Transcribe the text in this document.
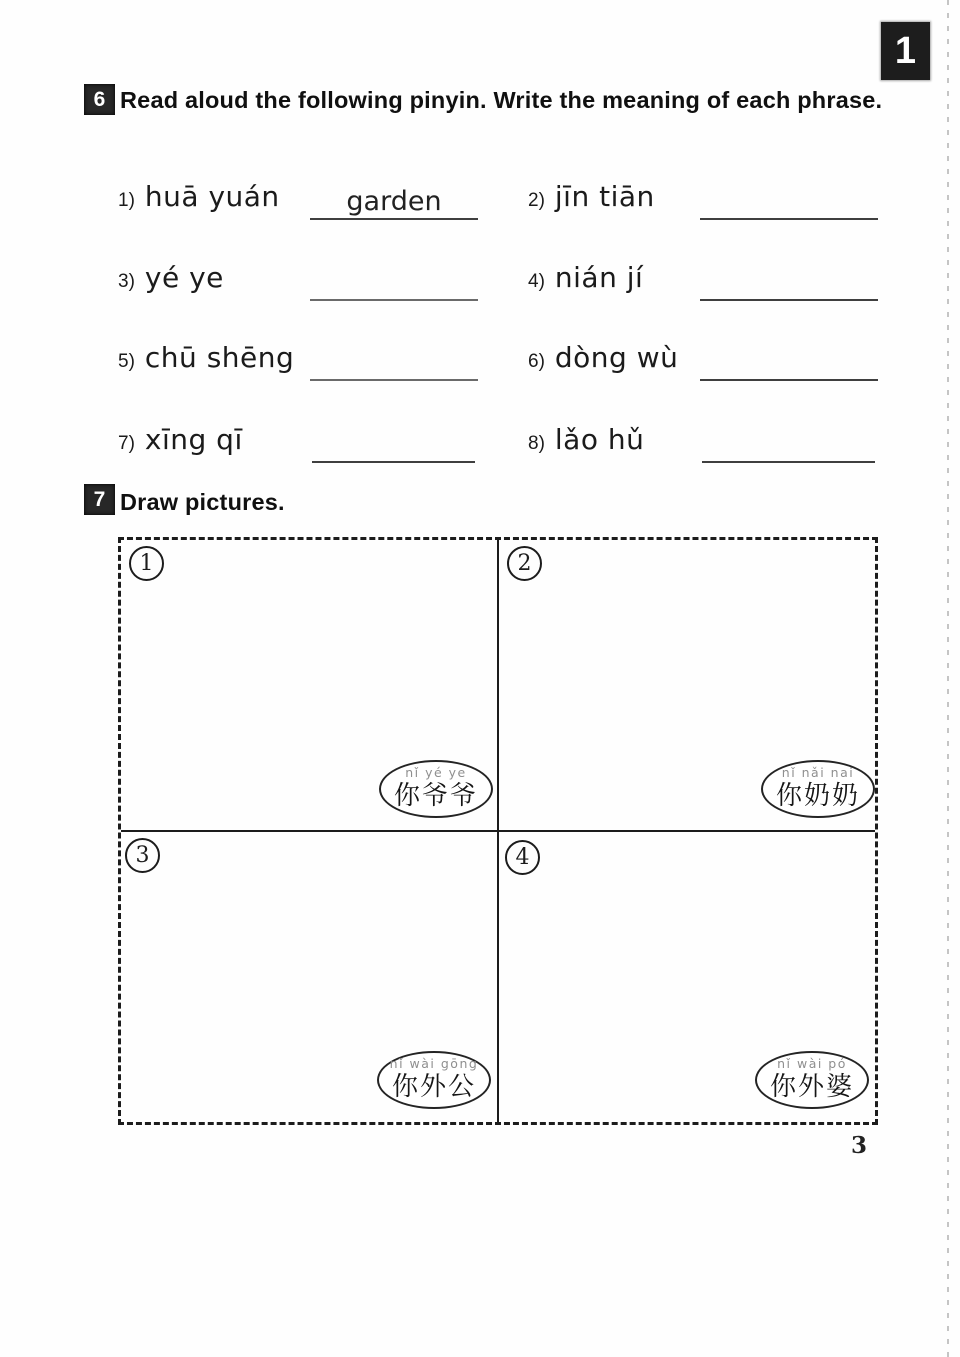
1
6 Read aloud the following pinyin. Write the meaning of each phrase.
1) huā yuán	garden	2) jīn tiān
3) yé ye	4) nián jí
5) chū shēng	6) dòng wù
7) xīng qī	8) lǎo hǔ
7 Draw pictures.
1	2
3	4
nǐ yé ye
你爷爷
nǐ nǎi nai
你奶奶
nǐ wài gōng
你外公
nǐ wài pó
你外婆
3
